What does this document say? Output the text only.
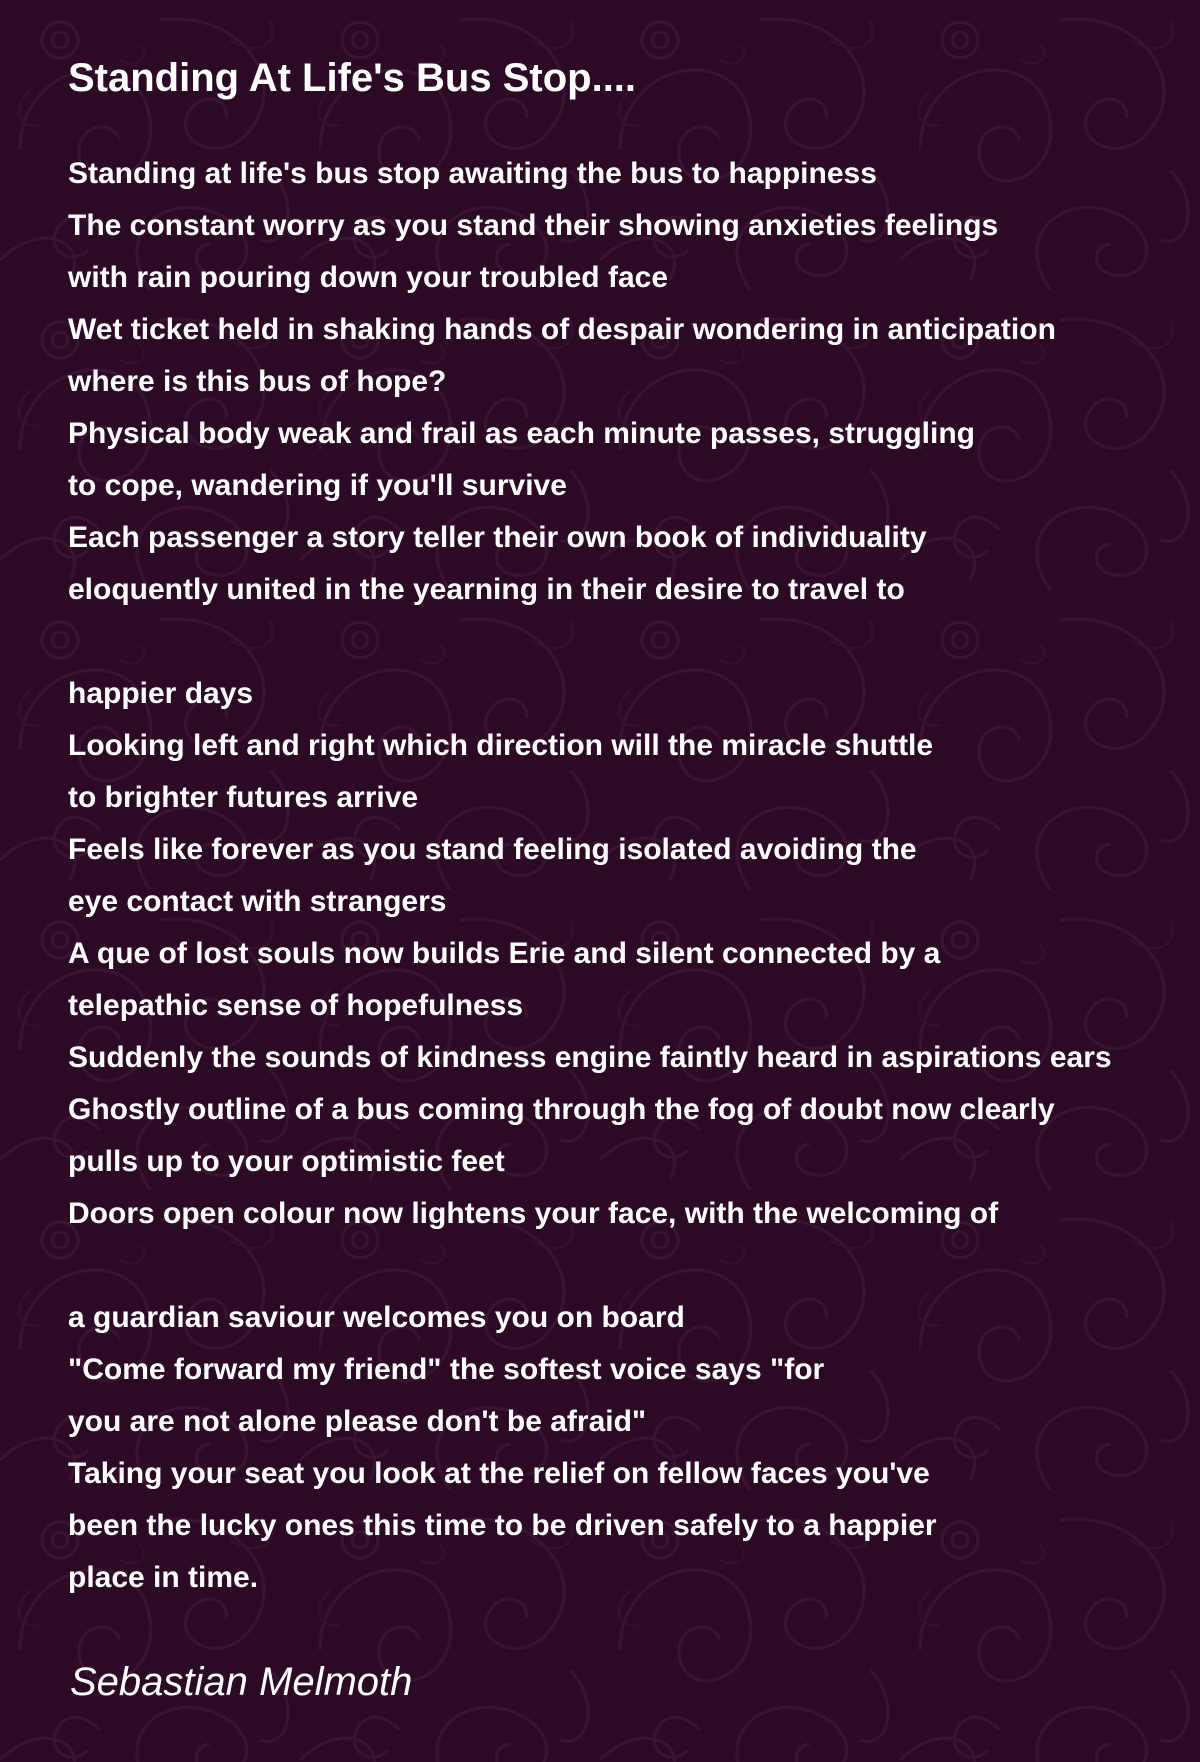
Standing At Life's Bus Stop....
Standing at life's bus stop awaiting the bus to happiness
The constant worry as you stand their showing anxieties feelings
with rain pouring down your troubled face
Wet ticket held in shaking hands of despair wondering in anticipation
where is this bus of hope?
Physical body weak and frail as each minute passes, struggling
to cope, wandering if you'll survive
Each passenger a story teller their own book of individuality
eloquently united in the yearning in their desire to travel to
happier days
Looking left and right which direction will the miracle shuttle
to brighter futures arrive
Feels like forever as you stand feeling isolated avoiding the
eye contact with strangers
A que of lost souls now builds Erie and silent connected by a
telepathic sense of hopefulness
Suddenly the sounds of kindness engine faintly heard in aspirations ears
Ghostly outline of a bus coming through the fog of doubt now clearly
pulls up to your optimistic feet
Doors open colour now lightens your face, with the welcoming of
a guardian saviour welcomes you on board
"Come forward my friend" the softest voice says "for
you are not alone please don't be afraid"
Taking your seat you look at the relief on fellow faces you've
been the lucky ones this time to be driven safely to a happier
place in time.
Sebastian Melmoth
